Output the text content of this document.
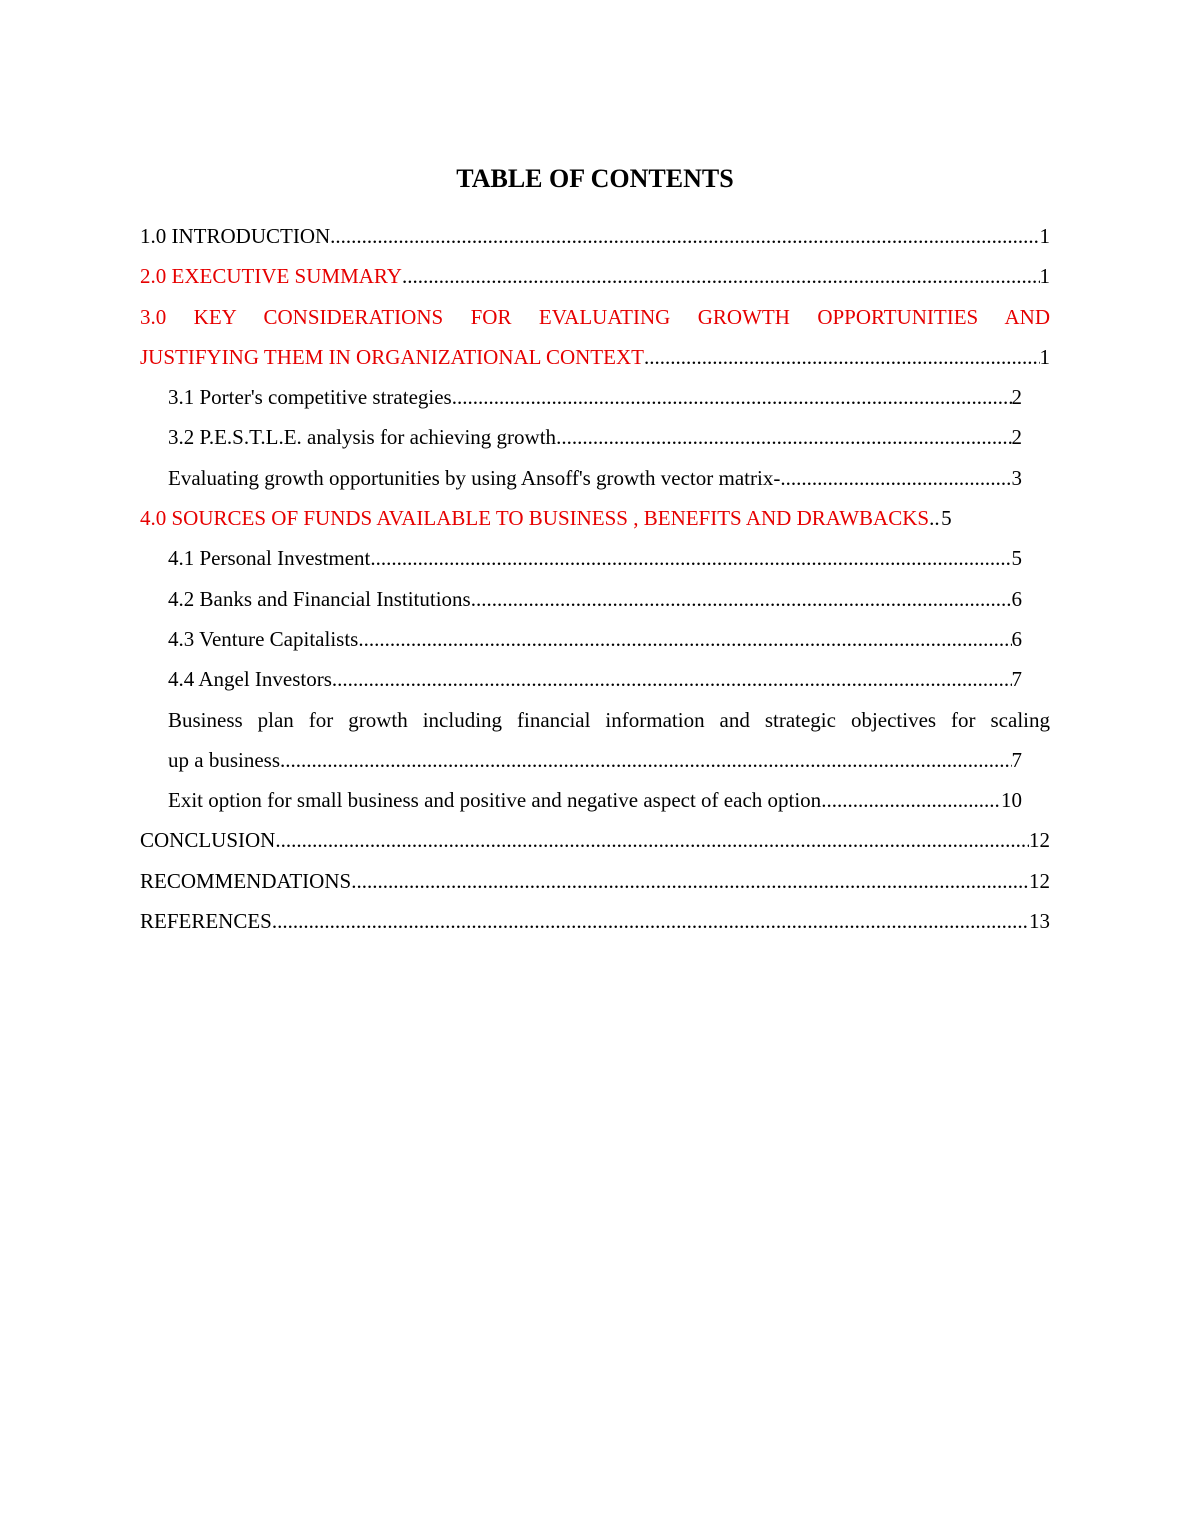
TABLE OF CONTENTS
1.0 INTRODUCTION .....	1
2.0 EXECUTIVE SUMMARY .....	1
3.0 KEY CONSIDERATIONS FOR EVALUATING GROWTH OPPORTUNITIES AND
JUSTIFYING THEM IN ORGANIZATIONAL CONTEXT .....	1
3.1 Porter's competitive strategies .....	2
3.2 P.E.S.T.L.E. analysis for achieving growth .....	2
Evaluating growth opportunities by using Ansoff's growth vector matrix- .....	3
4.0 SOURCES OF FUNDS AVAILABLE TO BUSINESS , BENEFITS AND DRAWBACKS ..... 5
4.1 Personal Investment .....	5
4.2 Banks and Financial Institutions .....	6
4.3 Venture Capitalists .....	6
4.4 Angel Investors .....	7
Business plan for growth including financial information and strategic objectives for scaling
up a business .....	7
Exit option for small business and positive and negative aspect of each option .....	10
CONCLUSION .....	12
RECOMMENDATIONS .....	12
REFERENCES .....	13
